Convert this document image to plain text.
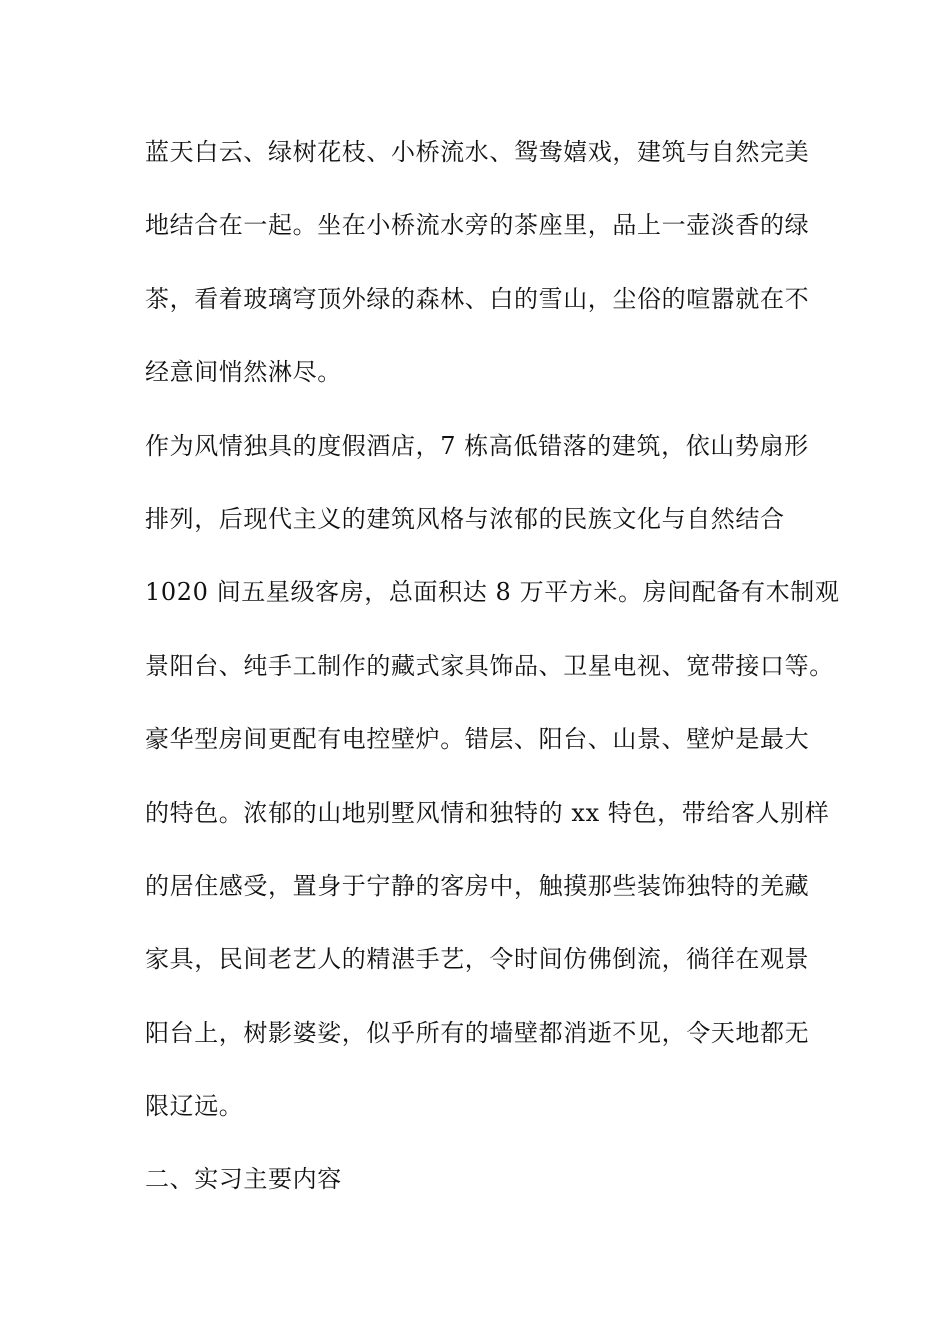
蓝天白云、绿树花枝、小桥流水、鸳鸯嬉戏，建筑与自然完美
地结合在一起。坐在小桥流水旁的茶座里，品上一壶淡香的绿
茶，看着玻璃穹顶外绿的森林、白的雪山，尘俗的喧嚣就在不
经意间悄然淋尽。
作为风情独具的度假酒店，7 栋高低错落的建筑，依山势扇形
排列，后现代主义的建筑风格与浓郁的民族文化与自然结合
1020 间五星级客房，总面积达 8 万平方米。房间配备有木制观
景阳台、纯手工制作的藏式家具饰品、卫星电视、宽带接口等。
豪华型房间更配有电控壁炉。错层、阳台、山景、壁炉是最大
的特色。浓郁的山地别墅风情和独特的 xx 特色，带给客人别样
的居住感受，置身于宁静的客房中，触摸那些装饰独特的羌藏
家具，民间老艺人的精湛手艺，令时间仿佛倒流，徜徉在观景
阳台上，树影婆娑，似乎所有的墙壁都消逝不见，令天地都无
限辽远。
二、实习主要内容
